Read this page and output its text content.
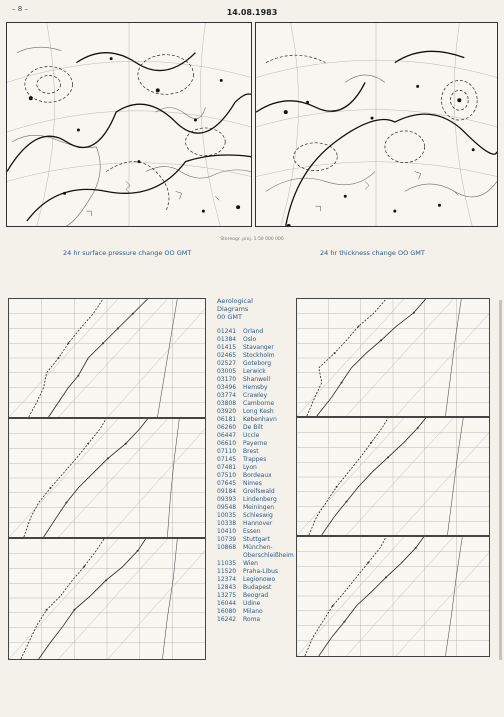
– 8 –	14.08.1983
Stereogr. proj. 1:50 000 000
24 hr surface pressure change OO GMT	24 hr thickness change OO GMT
Aerological
Diagrams
00 GMT
01241	Orland
01384	Oslo
01415	Stavanger
02465	Stockholm
02527	Goteborg
03005	Lerwick
03170	Shanwell
03496	Hemsby
03774	Crawley
03808	Camborne
03920	Long Kesh
06181	København
06260	De Bilt
06447	Uccle
06610	Payerne
07110	Brest
07145	Trappes
07481	Lyon
07510	Bordeaux
07645	Nimes
09184	Greifswald
09393	Lindenberg
09548	Meiningen
10035	Schleswig
10338	Hannover
10410	Essen
10739	Stuttgart
10868	München-
Oberschleißheim
11035	Wien
11520	Praha-Libus
12374	Legionowo
12843	Budapest
13275	Beograd
16044	Udine
16080	Milano
16242	Roma
